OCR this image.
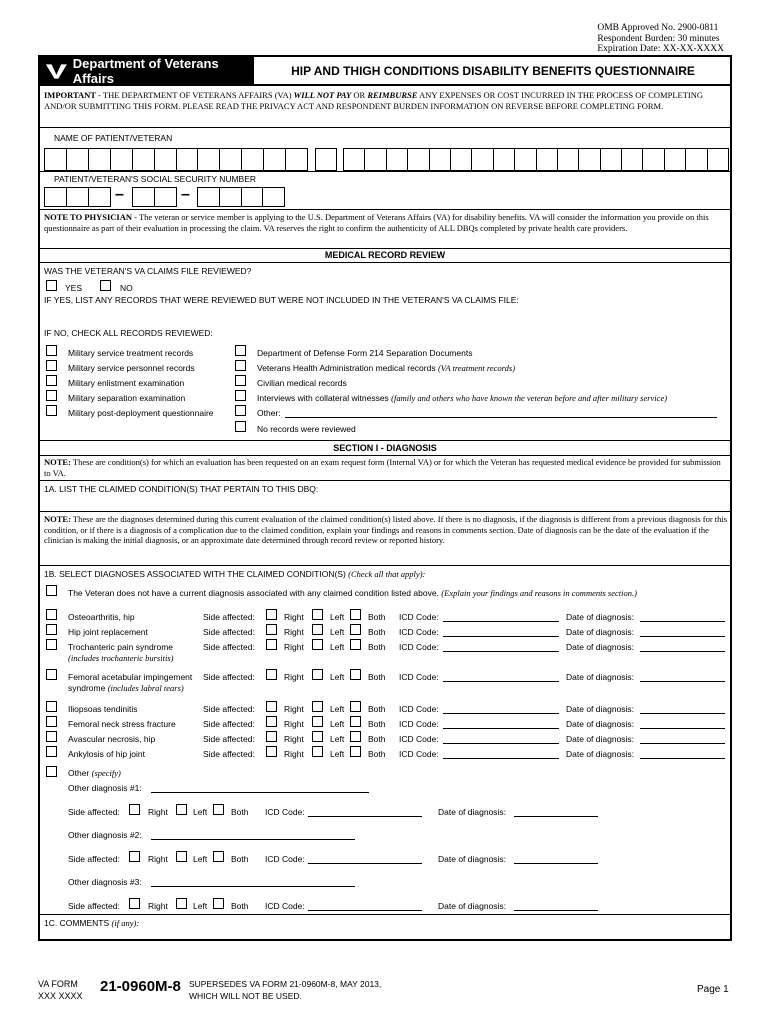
OMB Approved No. 2900-0811
Respondent Burden: 30 minutes
Expiration Date: XX-XX-XXXX
Department of Veterans Affairs	HIP AND THIGH CONDITIONS DISABILITY BENEFITS QUESTIONNAIRE
IMPORTANT - THE DEPARTMENT OF VETERANS AFFAIRS (VA) WILL NOT PAY OR REIMBURSE ANY EXPENSES OR COST INCURRED IN THE PROCESS OF COMPLETING AND/OR SUBMITTING THIS FORM. PLEASE READ THE PRIVACY ACT AND RESPONDENT BURDEN INFORMATION ON REVERSE BEFORE COMPLETING FORM.
NAME OF PATIENT/VETERAN
PATIENT/VETERAN'S SOCIAL SECURITY NUMBER
–	–
NOTE TO PHYSICIAN - The veteran or service member is applying to the U.S. Department of Veterans Affairs (VA) for disability benefits. VA will consider the information you provide on this questionnaire as part of their evaluation in processing the claim. VA reserves the right to confirm the authenticity of ALL DBQs completed by private health care providers.
MEDICAL RECORD REVIEW
WAS THE VETERAN'S VA CLAIMS FILE REVIEWED?
YES	NO
IF YES, LIST ANY RECORDS THAT WERE REVIEWED BUT WERE NOT INCLUDED IN THE VETERAN'S VA CLAIMS FILE:
IF NO, CHECK ALL RECORDS REVIEWED:
Military service treatment records
Military service personnel records
Military enlistment examination
Military separation examination
Military post-deployment questionnaire
Department of Defense Form 214 Separation Documents
Veterans Health Administration medical records (VA treatment records)
Civilian medical records
Interviews with collateral witnesses (family and others who have known the veteran before and after military service)
Other:
No records were reviewed
SECTION I - DIAGNOSIS
NOTE: These are condition(s) for which an evaluation has been requested on an exam request form (Internal VA) or for which the Veteran has requested medical evidence be provided for submission to VA.
1A. LIST THE CLAIMED CONDITION(S) THAT PERTAIN TO THIS DBQ:
NOTE: These are the diagnoses determined during this current evaluation of the claimed condition(s) listed above. If there is no diagnosis, if the diagnosis is different from a previous diagnosis for this condition, or if there is a diagnosis of a complication due to the claimed condition, explain your findings and reasons in comments section. Date of diagnosis can be the date of the evaluation if the clinician is making the initial diagnosis, or an approximate date determined through record review or reported history.
1B. SELECT DIAGNOSES ASSOCIATED WITH THE CLAIMED CONDITION(S) (Check all that apply):
The Veteran does not have a current diagnosis associated with any claimed condition listed above. (Explain your findings and reasons in comments section.)
Osteoarthritis, hip	Side affected:	Right	Left	Both ICD Code:	Date of diagnosis:
Hip joint replacement	Side affected:	Right	Left	Both ICD Code:	Date of diagnosis:
Trochanteric pain syndrome
(includes trochanteric bursitis)
Side affected:	Right	Left	Both ICD Code:	Date of diagnosis:
Femoral acetabular impingement
syndrome (includes labral tears)
Side affected:	Right	Left	Both ICD Code:	Date of diagnosis:
Iliopsoas tendinitis	Side affected:	Right	Left	Both ICD Code:	Date of diagnosis:
Femoral neck stress fracture	Side affected:	Right	Left	Both ICD Code:	Date of diagnosis:
Avascular necrosis, hip	Side affected:	Right	Left	Both ICD Code:	Date of diagnosis:
Ankylosis of hip joint	Side affected:	Right	Left	Both ICD Code:	Date of diagnosis:
Other (specify)
Other diagnosis #1:
Side affected:	Right	Left	Both ICD Code:	Date of diagnosis:
Other diagnosis #2:
Side affected:	Right	Left	Both ICD Code:	Date of diagnosis:
Other diagnosis #3:
Side affected:	Right	Left	Both ICD Code:	Date of diagnosis:
1C. COMMENTS (if any):
VA FORM
XXX XXXX
21-0960M-8 SUPERSEDES VA FORM 21-0960M-8, MAY 2013,
WHICH WILL NOT BE USED.
Page 1
